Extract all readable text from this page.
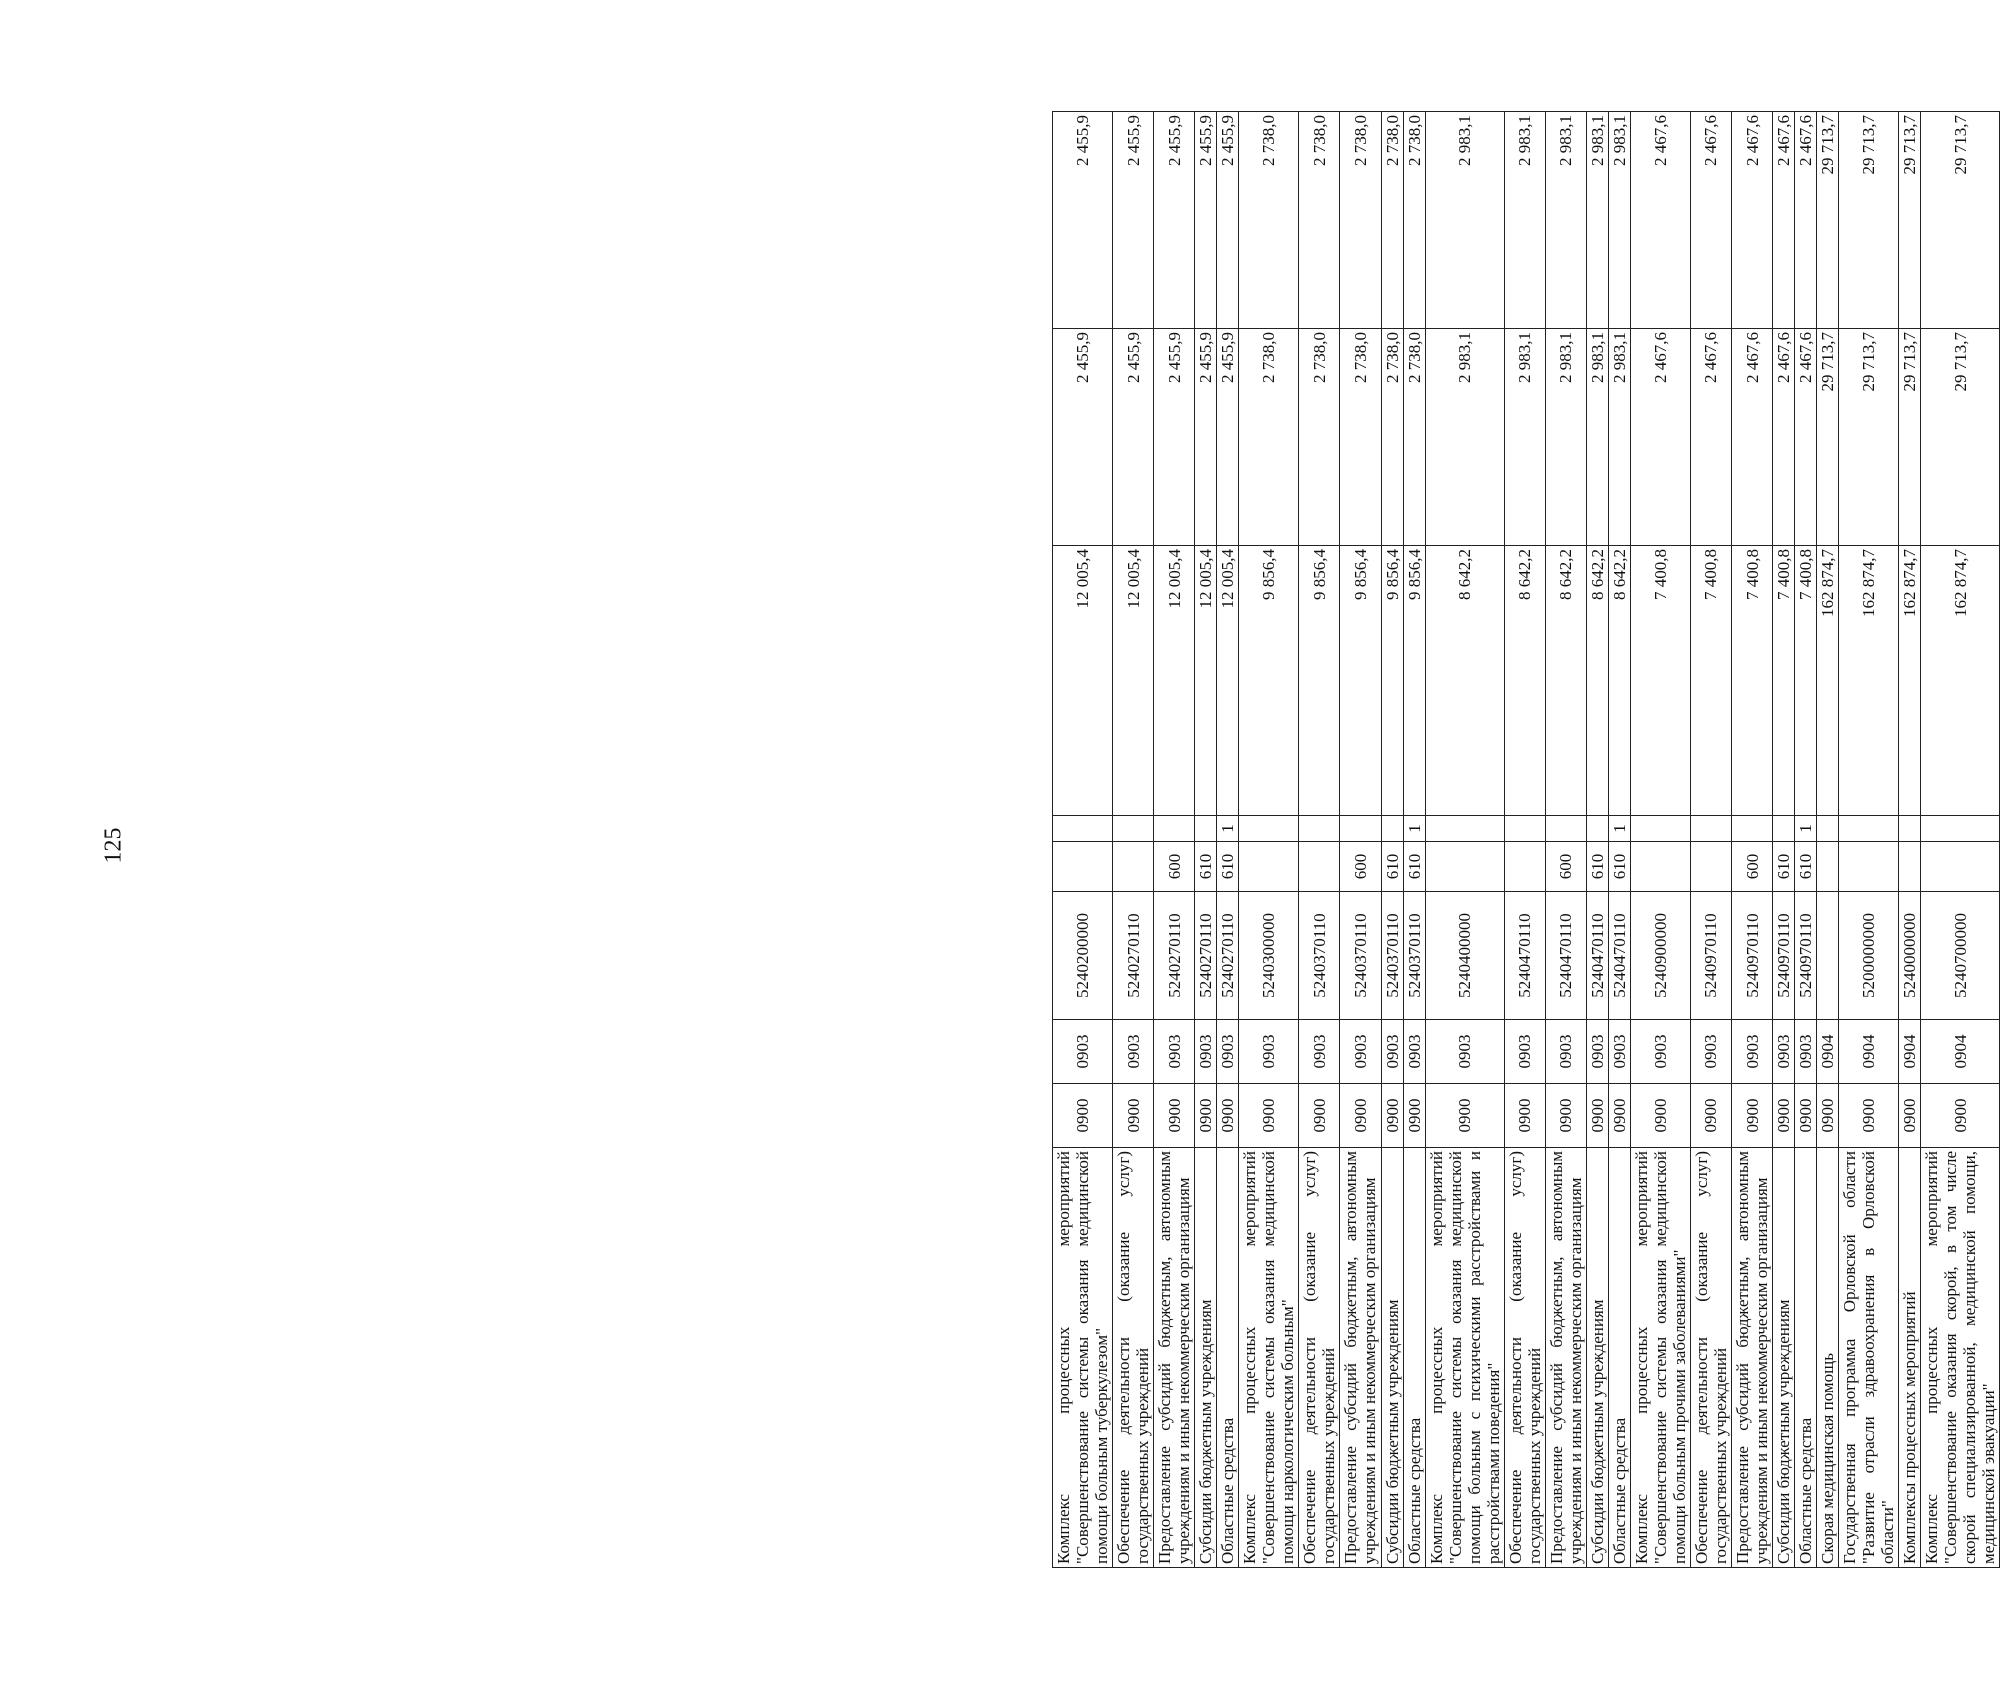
125
Комплекс процессных мероприятий "Совершенствование системы оказания медицинской помощи больным туберкулезом"	0900	0903	5240200000			12 005,4	2 455,9	2 455,9
Обеспечение деятельности (оказание услуг) государственных учреждений	0900	0903	5240270110			12 005,4	2 455,9	2 455,9
Предоставление субсидий бюджетным, автономным учреждениям и иным некоммерческим организациям	0900	0903	5240270110	600		12 005,4	2 455,9	2 455,9
Субсидии бюджетным учреждениям	0900	0903	5240270110	610		12 005,4	2 455,9	2 455,9
Областные средства	0900	0903	5240270110	610	1	12 005,4	2 455,9	2 455,9
Комплекс процессных мероприятий "Совершенствование системы оказания медицинской помощи наркологическим больным"	0900	0903	5240300000			9 856,4	2 738,0	2 738,0
Обеспечение деятельности (оказание услуг) государственных учреждений	0900	0903	5240370110			9 856,4	2 738,0	2 738,0
Предоставление субсидий бюджетным, автономным учреждениям и иным некоммерческим организациям	0900	0903	5240370110	600		9 856,4	2 738,0	2 738,0
Субсидии бюджетным учреждениям	0900	0903	5240370110	610		9 856,4	2 738,0	2 738,0
Областные средства	0900	0903	5240370110	610	1	9 856,4	2 738,0	2 738,0
Комплекс процессных мероприятий "Совершенствование системы оказания медицинской помощи больным с психическими расстройствами и расстройствами поведения"	0900	0903	5240400000			8 642,2	2 983,1	2 983,1
Обеспечение деятельности (оказание услуг) государственных учреждений	0900	0903	5240470110			8 642,2	2 983,1	2 983,1
Предоставление субсидий бюджетным, автономным учреждениям и иным некоммерческим организациям	0900	0903	5240470110	600		8 642,2	2 983,1	2 983,1
Субсидии бюджетным учреждениям	0900	0903	5240470110	610		8 642,2	2 983,1	2 983,1
Областные средства	0900	0903	5240470110	610	1	8 642,2	2 983,1	2 983,1
Комплекс процессных мероприятий "Совершенствование системы оказания медицинской помощи больным прочими заболеваниями"	0900	0903	5240900000			7 400,8	2 467,6	2 467,6
Обеспечение деятельности (оказание услуг) государственных учреждений	0900	0903	5240970110			7 400,8	2 467,6	2 467,6
Предоставление субсидий бюджетным, автономным учреждениям и иным некоммерческим организациям	0900	0903	5240970110	600		7 400,8	2 467,6	2 467,6
Субсидии бюджетным учреждениям	0900	0903	5240970110	610		7 400,8	2 467,6	2 467,6
Областные средства	0900	0903	5240970110	610	1	7 400,8	2 467,6	2 467,6
Скорая медицинская помощь	0900	0904				162 874,7	29 713,7	29 713,7
Государственная программа Орловской области "Развитие отрасли здравоохранения в Орловской области"	0900	0904	5200000000			162 874,7	29 713,7	29 713,7
Комплексы процессных мероприятий	0900	0904	5240000000			162 874,7	29 713,7	29 713,7
Комплекс процессных мероприятий "Совершенствование оказания скорой, в том числе скорой специализированной, медицинской помощи, медицинской эвакуации"	0900	0904	5240700000			162 874,7	29 713,7	29 713,7
